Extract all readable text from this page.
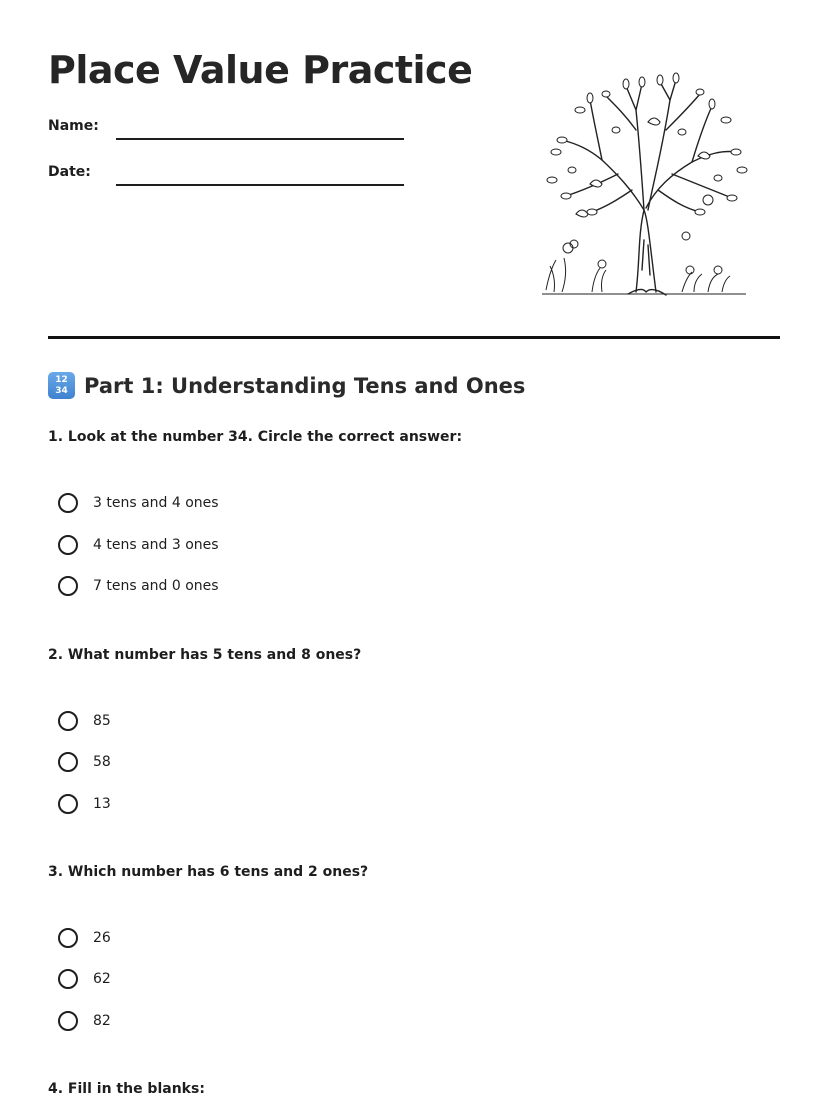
Place Value Practice
Name:
Date:
12
34 Part 1: Understanding Tens and Ones
1. Look at the number 34. Circle the correct answer:
3 tens and 4 ones
4 tens and 3 ones
7 tens and 0 ones
2. What number has 5 tens and 8 ones?
85
58
13
3. Which number has 6 tens and 2 ones?
26
62
82
4. Fill in the blanks:
